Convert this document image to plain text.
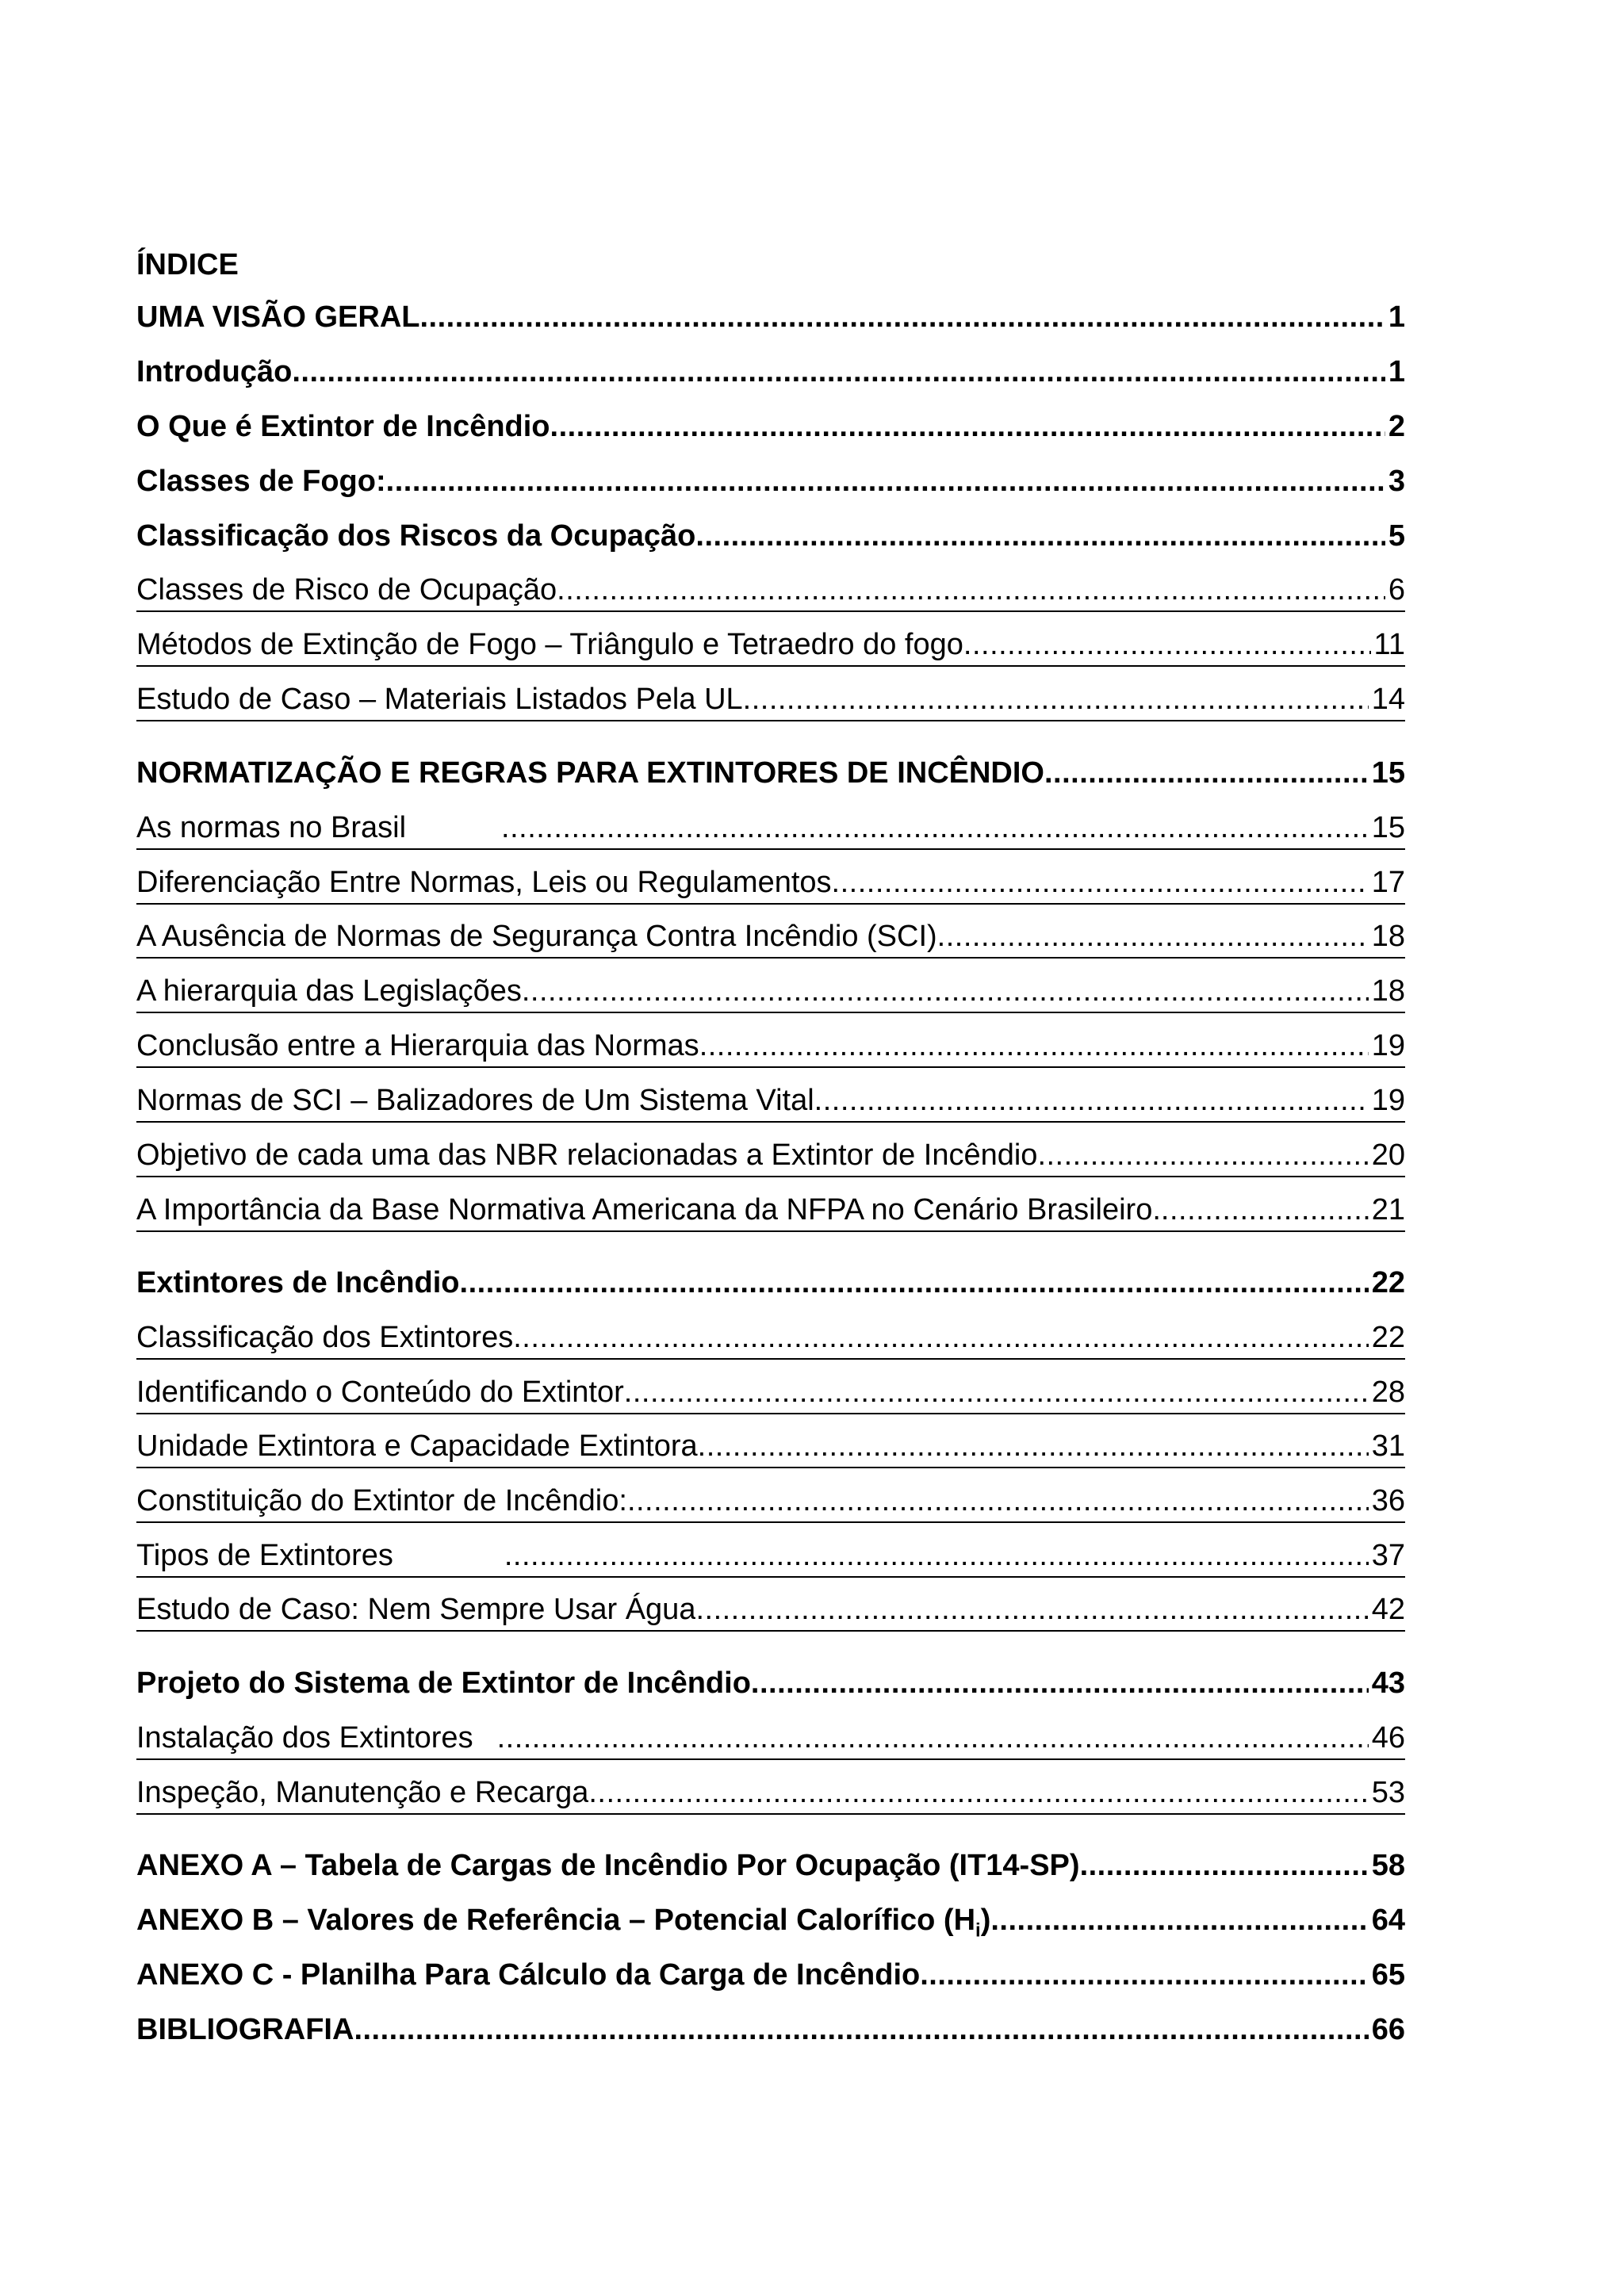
ÍNDICE
UMA VISÃO GERAL .....	1
Introdução .....	1
O Que é Extintor de Incêndio .....	2
Classes de Fogo: .....	3
Classificação dos Riscos da Ocupação .....	5
Classes de Risco de Ocupação .....	6
Métodos de Extinção de Fogo – Triângulo e Tetraedro do fogo .....	11
Estudo de Caso – Materiais Listados Pela UL .....	14
NORMATIZAÇÃO E REGRAS PARA EXTINTORES DE INCÊNDIO .....	15
As normas no Brasil .....	15
Diferenciação Entre Normas, Leis ou Regulamentos .....	17
A Ausência de Normas de Segurança Contra Incêndio (SCI) .....	18
A hierarquia das Legislações .....	18
Conclusão entre a Hierarquia das Normas .....	19
Normas de SCI – Balizadores de Um Sistema Vital .....	19
Objetivo de cada uma das NBR relacionadas a Extintor de Incêndio .....	20
A Importância da Base Normativa Americana da NFPA no Cenário Brasileiro. .....	21
Extintores de Incêndio .....	22
Classificação dos Extintores .....	22
Identificando o Conteúdo do Extintor .....	28
Unidade Extintora e Capacidade Extintora .....	31
Constituição do Extintor de Incêndio: .....	36
Tipos de Extintores .....	37
Estudo de Caso: Nem Sempre Usar Água .....	42
Projeto do Sistema de Extintor de Incêndio .....	43
Instalação dos Extintores .....	46
Inspeção, Manutenção e Recarga .....	53
ANEXO A – Tabela de Cargas de Incêndio Por Ocupação (IT14-SP) .....	58
ANEXO B – Valores de Referência – Potencial Calorífico $(H_i)$ .....	64
ANEXO C - Planilha Para Cálculo da Carga de Incêndio .....	65
BIBLIOGRAFIA .....	66
